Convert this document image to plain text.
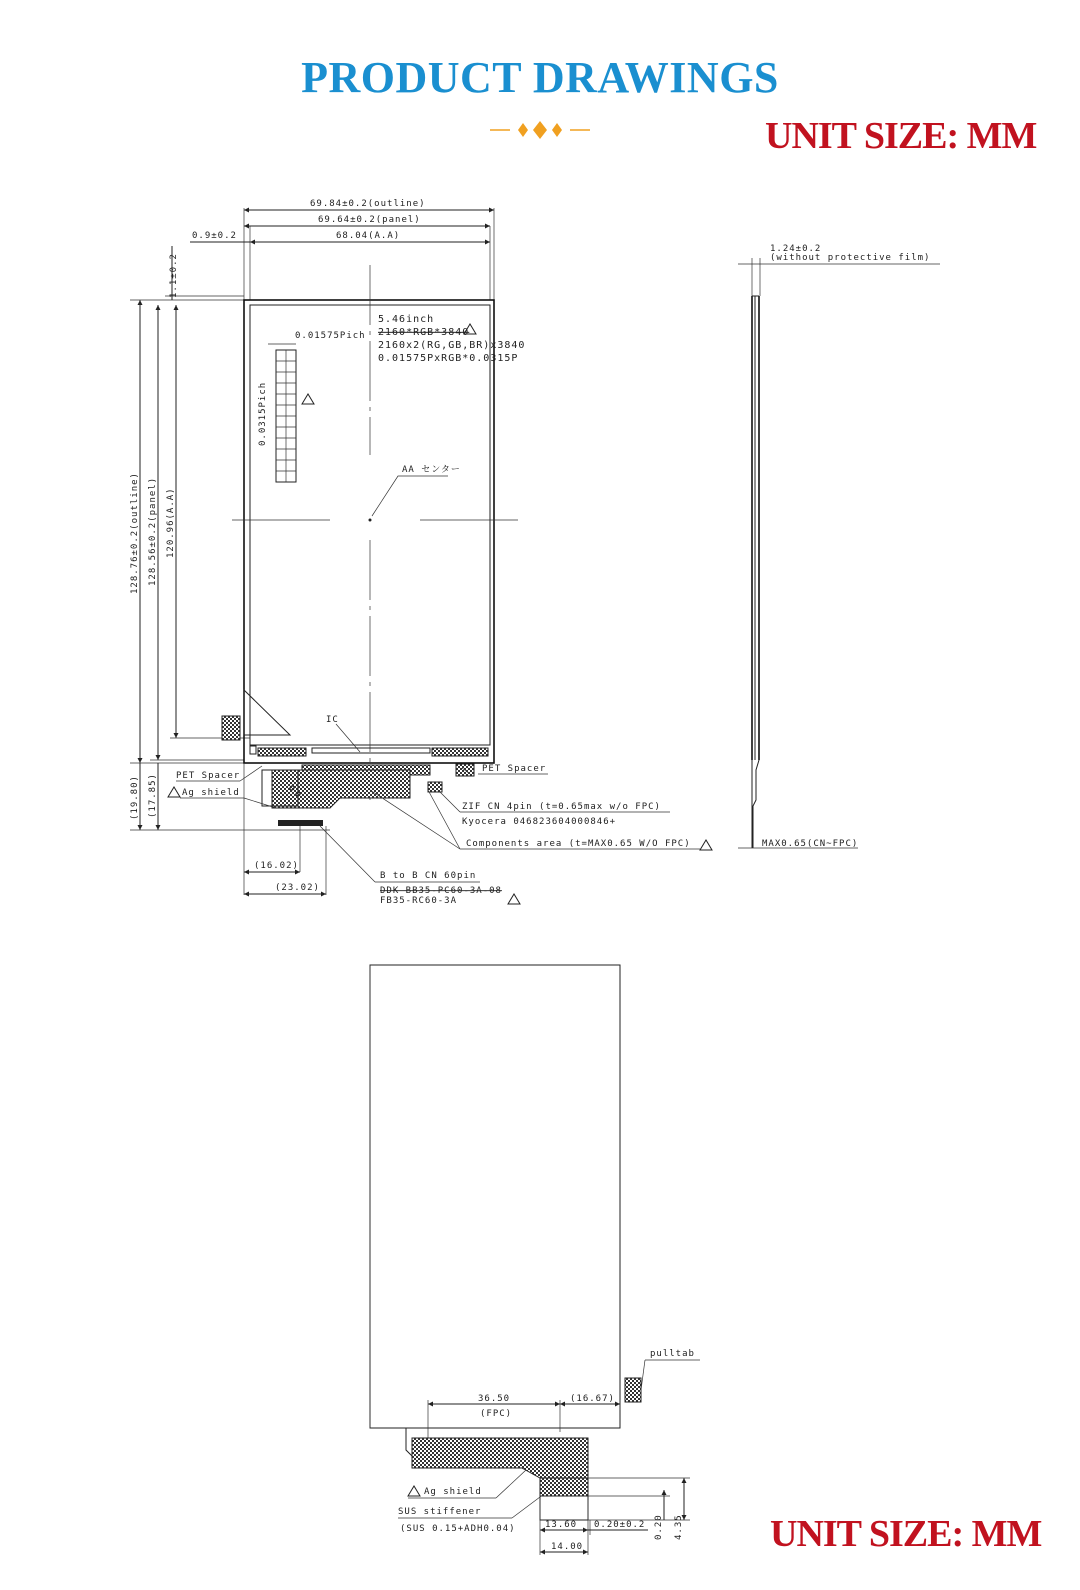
PRODUCT DRAWINGS
UNIT SIZE: MM
UNIT SIZE: MM
69.84±0.2(outline)
69.64±0.2(panel)
68.04(A.A)
0.9±0.2
1.1±0.2
128.76±0.2(outline) 128.56±0.2(panel) 120.96(A.A)
5.46inch
2160*RGB*3840
2160x2(RG,GB,BR)x3840
0.01575PxRGB*0.0315P
0.01575Pich
0.0315Pich
AA センター
IC
PET Spacer
Ag shield
(19.80) (17.85)
PET Spacer
ZIF CN 4pin (t=0.65max w/o FPC)
Kyocera 046823604000846+
Components area (t=MAX0.65 W/O FPC)
(16.02)
(23.02)
B to B CN 60pin
DDK BB35-PC60-3A-08
FB35-RC60-3A
1.24±0.2
(without protective film)
MAX0.65(CN~FPC)
pulltab
36.50
(FPC)
(16.67)
Ag shield
SUS stiffener
(SUS 0.15+ADH0.04)	13.60 0.20±0.2
14.00
0.20 4.35
